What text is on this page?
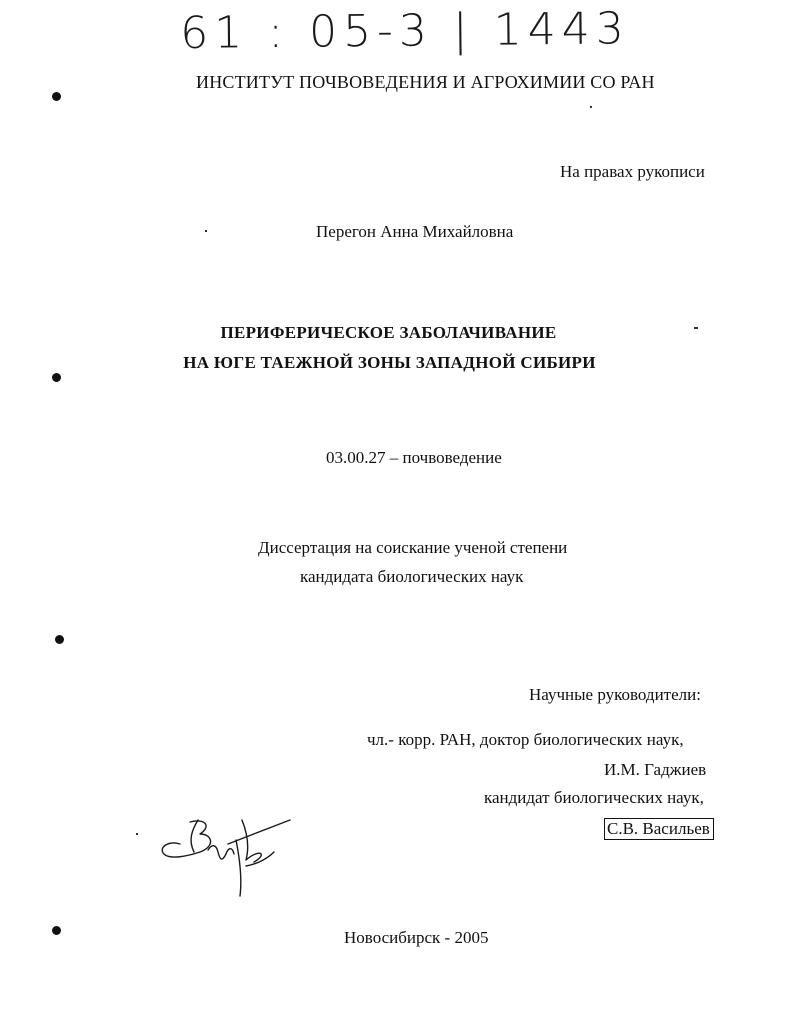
61 : 05-3 | 1443
ИНСТИТУТ ПОЧВОВЕДЕНИЯ И АГРОХИМИИ СО РАН
На правах рукописи
Перегон Анна Михайловна
ПЕРИФЕРИЧЕСКОЕ ЗАБОЛАЧИВАНИЕ
НА ЮГЕ ТАЕЖНОЙ ЗОНЫ ЗАПАДНОЙ СИБИРИ
03.00.27 – почвоведение
Диссертация на соискание ученой степени
кандидата биологических наук
Научные руководители:
чл.- корр. РАН, доктор биологических наук,
И.М. Гаджиев
кандидат биологических наук,
С.В. Васильев
Новосибирск - 2005
